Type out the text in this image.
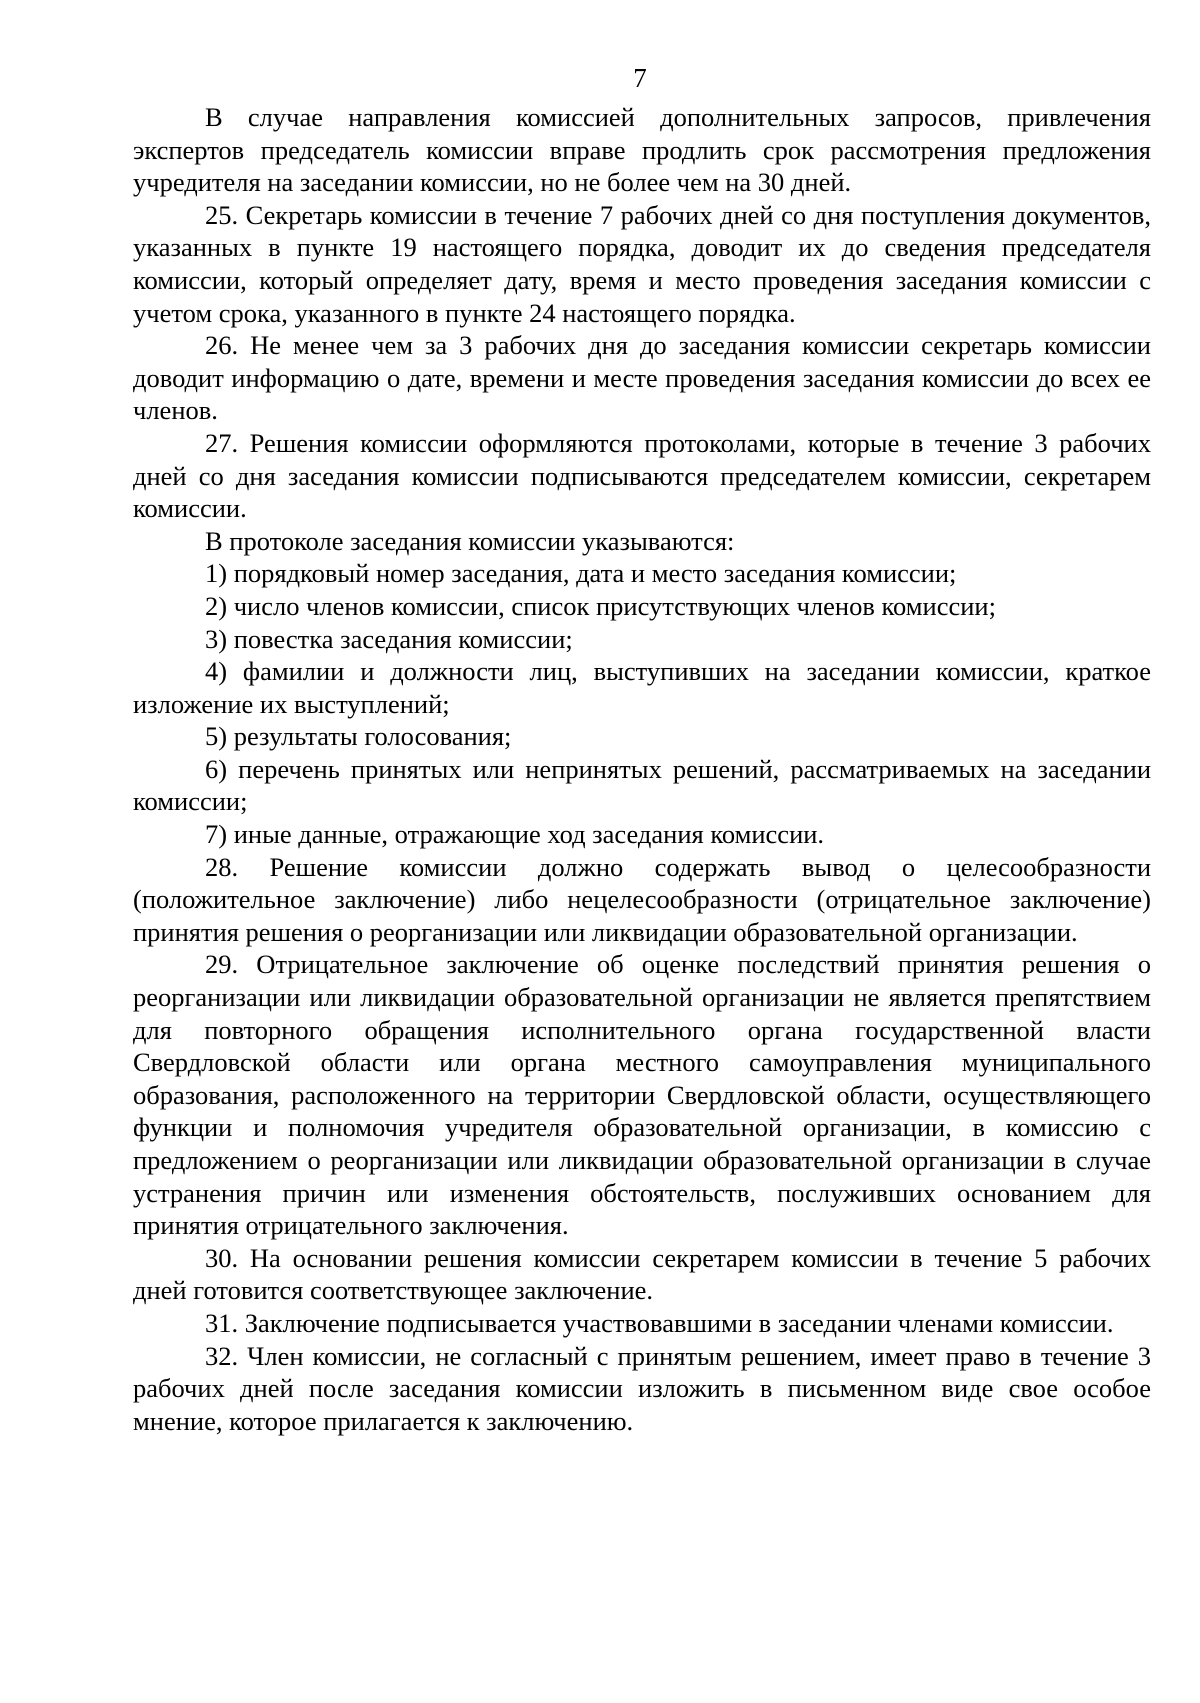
7

В случае направления комиссией дополнительных запросов, привлечения экспертов председатель комиссии вправе продлить срок рассмотрения предложения учредителя на заседании комиссии, но не более чем на 30 дней.

25. Секретарь комиссии в течение 7 рабочих дней со дня поступления документов, указанных в пункте 19 настоящего порядка, доводит их до сведения председателя комиссии, который определяет дату, время и место проведения заседания комиссии с учетом срока, указанного в пункте 24 настоящего порядка.

26. Не менее чем за 3 рабочих дня до заседания комиссии секретарь комиссии доводит информацию о дате, времени и месте проведения заседания комиссии до всех ее членов.

27. Решения комиссии оформляются протоколами, которые в течение 3 рабочих дней со дня заседания комиссии подписываются председателем комиссии, секретарем комиссии.

В протоколе заседания комиссии указываются:

1) порядковый номер заседания, дата и место заседания комиссии;

2) число членов комиссии, список присутствующих членов комиссии;

3) повестка заседания комиссии;

4) фамилии и должности лиц, выступивших на заседании комиссии, краткое изложение их выступлений;

5) результаты голосования;

6) перечень принятых или непринятых решений, рассматриваемых на заседании комиссии;

7) иные данные, отражающие ход заседания комиссии.

28. Решение комиссии должно содержать вывод о целесообразности (положительное заключение) либо нецелесообразности (отрицательное заключение) принятия решения о реорганизации или ликвидации образовательной организации.

29. Отрицательное заключение об оценке последствий принятия решения о реорганизации или ликвидации образовательной организации не является препятствием для повторного обращения исполнительного органа государственной власти Свердловской области или органа местного самоуправления муниципального образования, расположенного на территории Свердловской области, осуществляющего функции и полномочия учредителя образовательной организации, в комиссию с предложением о реорганизации или ликвидации образовательной организации в случае устранения причин или изменения обстоятельств, послуживших основанием для принятия отрицательного заключения.

30. На основании решения комиссии секретарем комиссии в течение 5 рабочих дней готовится соответствующее заключение.

31. Заключение подписывается участвовавшими в заседании членами комиссии.

32. Член комиссии, не согласный с принятым решением, имеет право в течение 3 рабочих дней после заседания комиссии изложить в письменном виде свое особое мнение, которое прилагается к заключению.
